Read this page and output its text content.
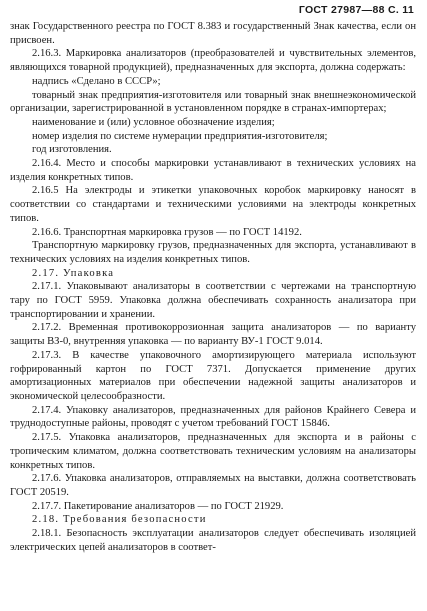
ГОСТ 27987—88 С. 11

знак Государственного реестра по ГОСТ 8.383 и государственный Знак качества, если он присвоен.

2.16.3. Маркировка анализаторов (преобразователей и чувствительных элементов, являющихся товарной продукцией), предназначенных для экспорта, должна содержать:

надпись «Сделано в СССР»;

товарный знак предприятия-изготовителя или товарный знак внешнеэкономической организации, зарегистрированной в установленном порядке в странах-импортерах;

наименование и (или) условное обозначение изделия;

номер изделия по системе нумерации предприятия-изготовителя;

год изготовления.

2.16.4. Место и способы маркировки устанавливают в технических условиях на изделия конкретных типов.

2.16.5 На электроды и этикетки упаковочных коробок маркировку наносят в соответствии со стандартами и техническими условиями на электроды конкретных типов.

2.16.6. Транспортная маркировка грузов — по ГОСТ 14192.

Транспортную маркировку грузов, предназначенных для экспорта, устанавливают в технических условиях на изделия конкретных типов.

2.17. Упаковка

2.17.1. Упаковывают анализаторы в соответствии с чертежами на транспортную тару по ГОСТ 5959. Упаковка должна обеспечивать сохранность анализатора при транспортировании и хранении.

2.17.2. Временная противокоррозионная защита анализаторов — по варианту защиты ВЗ-0, внутренняя упаковка — по варианту ВУ-1 ГОСТ 9.014.

2.17.3. В качестве упаковочного амортизирующего материала используют гофрированный картон по ГОСТ 7371. Допускается применение других амортизационных материалов при обеспечении надежной защиты анализаторов и экономической целесообразности.

2.17.4. Упаковку анализаторов, предназначенных для районов Крайнего Севера и труднодоступные районы, проводят с учетом требований ГОСТ 15846.

2.17.5. Упаковка анализаторов, предназначенных для экспорта и в районы с тропическим климатом, должна соответствовать техническим условиям на анализаторы конкретных типов.

2.17.6. Упаковка анализаторов, отправляемых на выставки, должна соответствовать ГОСТ 20519.

2.17.7. Пакетирование анализаторов — по ГОСТ 21929.

2.18. Требования безопасности

2.18.1. Безопасность эксплуатации анализаторов следует обеспечивать изоляцией электрических цепей анализаторов в соответ-
